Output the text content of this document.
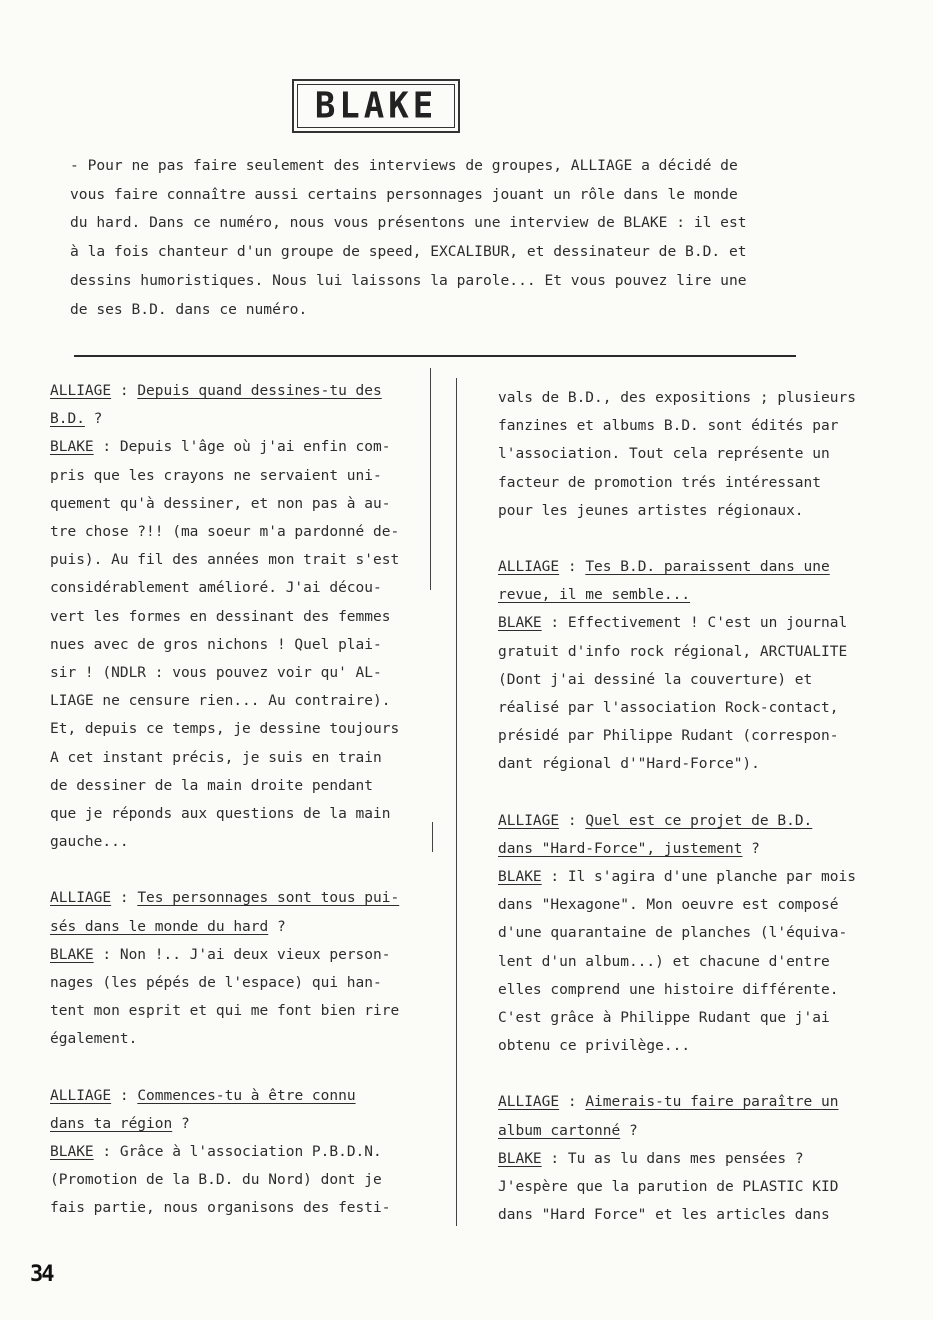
BLAKE

- Pour ne pas faire seulement des interviews de groupes, ALLIAGE a décidé de

vous faire connaître aussi certains personnages jouant un rôle dans le monde

du hard. Dans ce numéro, nous vous présentons une interview de BLAKE : il est

à la fois chanteur d'un groupe de speed, EXCALIBUR, et dessinateur de B.D. et

dessins humoristiques. Nous lui laissons la parole... Et vous pouvez lire une

de ses B.D. dans ce numéro.

ALLIAGE : Depuis quand dessines-tu des

B.D. ?

BLAKE : Depuis l'âge où j'ai enfin com-

pris que les crayons ne servaient uni-

quement qu'à dessiner, et non pas à au-

tre chose ?!! (ma soeur m'a pardonné de-

puis). Au fil des années mon trait s'est

considérablement amélioré. J'ai décou-

vert les formes en dessinant des femmes

nues avec de gros nichons ! Quel plai-

sir ! (NDLR : vous pouvez voir qu' AL-

LIAGE ne censure rien... Au contraire).

Et, depuis ce temps, je dessine toujours

A cet instant précis, je suis en train

de dessiner de la main droite pendant

que je réponds aux questions de la main

gauche...

ALLIAGE : Tes personnages sont tous pui-

sés dans le monde du hard ?

BLAKE : Non !.. J'ai deux vieux person-

nages (les pépés de l'espace) qui han-

tent mon esprit et qui me font bien rire

également.

ALLIAGE : Commences-tu à être connu

dans ta région ?

BLAKE : Grâce à l'association P.B.D.N.

(Promotion de la B.D. du Nord) dont je

fais partie, nous organisons des festi-

vals de B.D., des expositions ; plusieurs

fanzines et albums B.D. sont édités par

l'association. Tout cela représente un

facteur de promotion trés intéressant

pour les jeunes artistes régionaux.

ALLIAGE : Tes B.D. paraissent dans une

revue, il me semble...

BLAKE : Effectivement ! C'est un journal

gratuit d'info rock régional, ARCTUALITE

(Dont j'ai dessiné la couverture) et

réalisé par l'association Rock-contact,

présidé par Philippe Rudant (correspon-

dant régional d'"Hard-Force").

ALLIAGE : Quel est ce projet de B.D.

dans "Hard-Force", justement ?

BLAKE : Il s'agira d'une planche par mois

dans "Hexagone". Mon oeuvre est composé

d'une quarantaine de planches (l'équiva-

lent d'un album...) et chacune d'entre

elles comprend une histoire différente.

C'est grâce à Philippe Rudant que j'ai

obtenu ce privilège...

ALLIAGE : Aimerais-tu faire paraître un

album cartonné ?

BLAKE : Tu as lu dans mes pensées ?

J'espère que la parution de PLASTIC KID

dans "Hard Force" et les articles dans

34
